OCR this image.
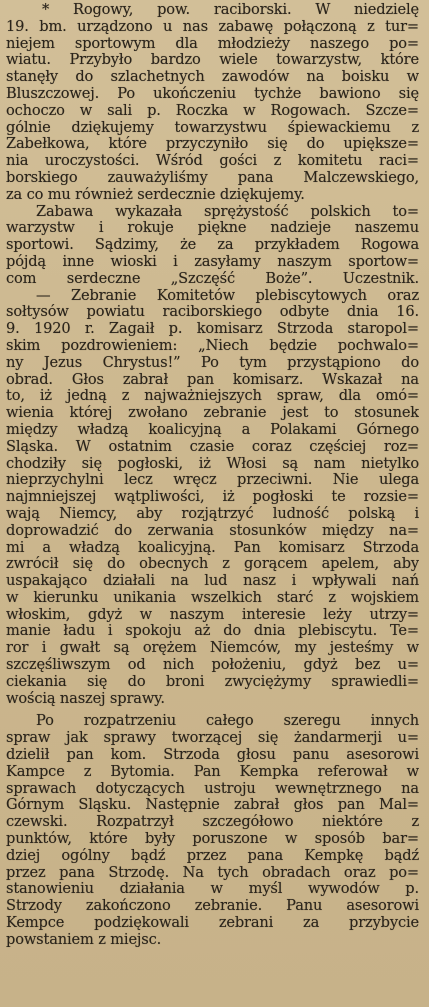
* Rogowy, pow. raciborski. W niedzielę
19. bm. urządzono u nas zabawę połączoną z tur=
niejem sportowym dla młodzieży naszego po=
wiatu. Przybyło bardzo wiele towarzystw, które
stanęły do szlachetnych zawodów na boisku w
Bluszczowej. Po ukończeniu tychże bawiono się
ochoczo w sali p. Roczka w Rogowach. Szcze=
gólnie dziękujemy towarzystwu śpiewackiemu z
Zabełkowa, które przyczyniło się do upiększe=
nia uroczystości. Wśród gości z komitetu raci=
borskiego zauważyliśmy pana Malczewskiego,
za co mu również serdecznie dziękujemy.
Zabawa wykazała sprężystość polskich to=
warzystw i rokuje piękne nadzieje naszemu
sportowi. Sądzimy, że za przykładem Rogowa
pójdą inne wioski i zasyłamy naszym sportow=
com serdeczne „Szczęść Boże”. Uczestnik.
— Zebranie Komitetów plebiscytowych oraz
sołtysów powiatu raciborskiego odbyte dnia 16.
9. 1920 r. Zagaił p. komisarz Strzoda staropol=
skim pozdrowieniem: „Niech będzie pochwalo=
ny Jezus Chrystus!” Po tym przystąpiono do
obrad. Głos zabrał pan komisarz. Wskazał na
to, iż jedną z najważniejszych spraw, dla omó=
wienia której zwołano zebranie jest to stosunek
między władzą koalicyjną a Polakami Górnego
Śląska. W ostatnim czasie coraz częściej roz=
chodziły się pogłoski, iż Włosi są nam nietylko
nieprzychylni lecz wręcz przeciwni. Nie ulega
najmniejszej wątpliwości, iż pogłoski te rozsie=
wają Niemcy, aby rozjątrzyć ludność polską i
doprowadzić do zerwania stosunków między na=
mi a władzą koalicyjną. Pan komisarz Strzoda
zwrócił się do obecnych z gorącem apelem, aby
uspakająco działali na lud nasz i wpływali nań
w kierunku unikania wszelkich starć z wojskiem
włoskim, gdyż w naszym interesie leży utrzy=
manie ładu i spokoju aż do dnia plebiscytu. Te=
ror i gwałt są orężem Niemców, my jesteśmy w
szczęśliwszym od nich położeniu, gdyż bez u=
ciekania się do broni zwyciężymy sprawiedli=
wością naszej sprawy.
Po rozpatrzeniu całego szeregu innych
spraw jak sprawy tworzącej się żandarmerji u=
dzielił pan kom. Strzoda głosu panu asesorowi
Kampce z Bytomia. Pan Kempka referował w
sprawach dotyczących ustroju wewnętrznego na
Górnym Śląsku. Następnie zabrał głos pan Mal=
czewski. Rozpatrzył szczegółowo niektóre z
punktów, które były poruszone w sposób bar=
dziej ogólny bądź przez pana Kempkę bądź
przez pana Strzodę. Na tych obradach oraz po=
stanowieniu działania w myśl wywodów p.
Strzody zakończono zebranie. Panu asesorowi
Kempce podziękowali zebrani za przybycie
powstaniem z miejsc.
